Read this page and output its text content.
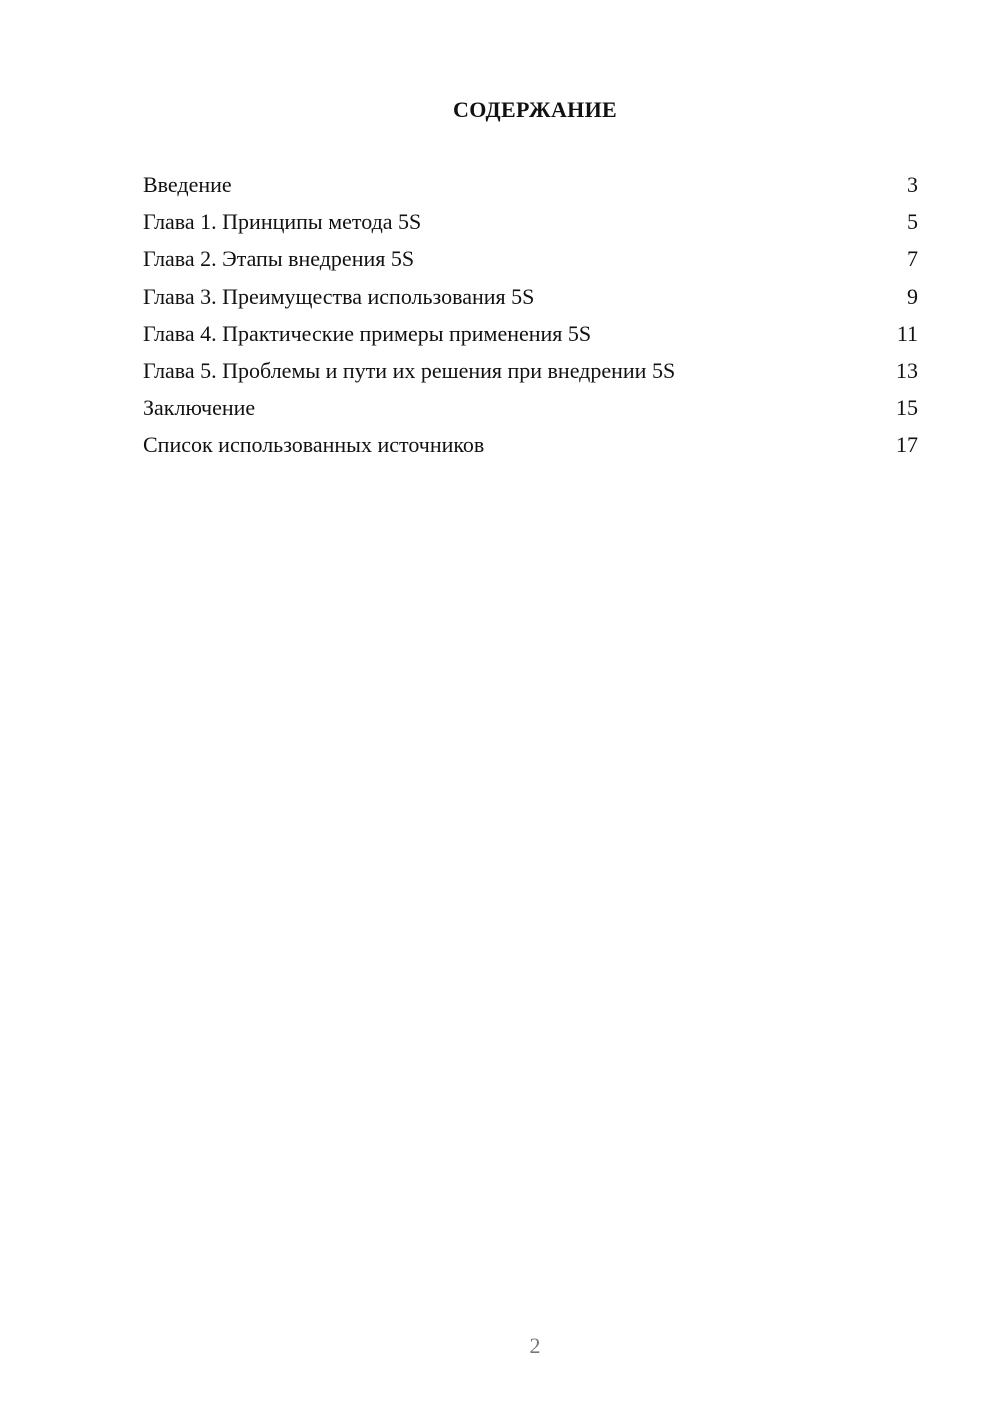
СОДЕРЖАНИЕ
Введение	3
Глава 1. Принципы метода 5S	5
Глава 2. Этапы внедрения 5S	7
Глава 3. Преимущества использования 5S	9
Глава 4. Практические примеры применения 5S	11
Глава 5. Проблемы и пути их решения при внедрении 5S	13
Заключение	15
Список использованных источников	17
2
